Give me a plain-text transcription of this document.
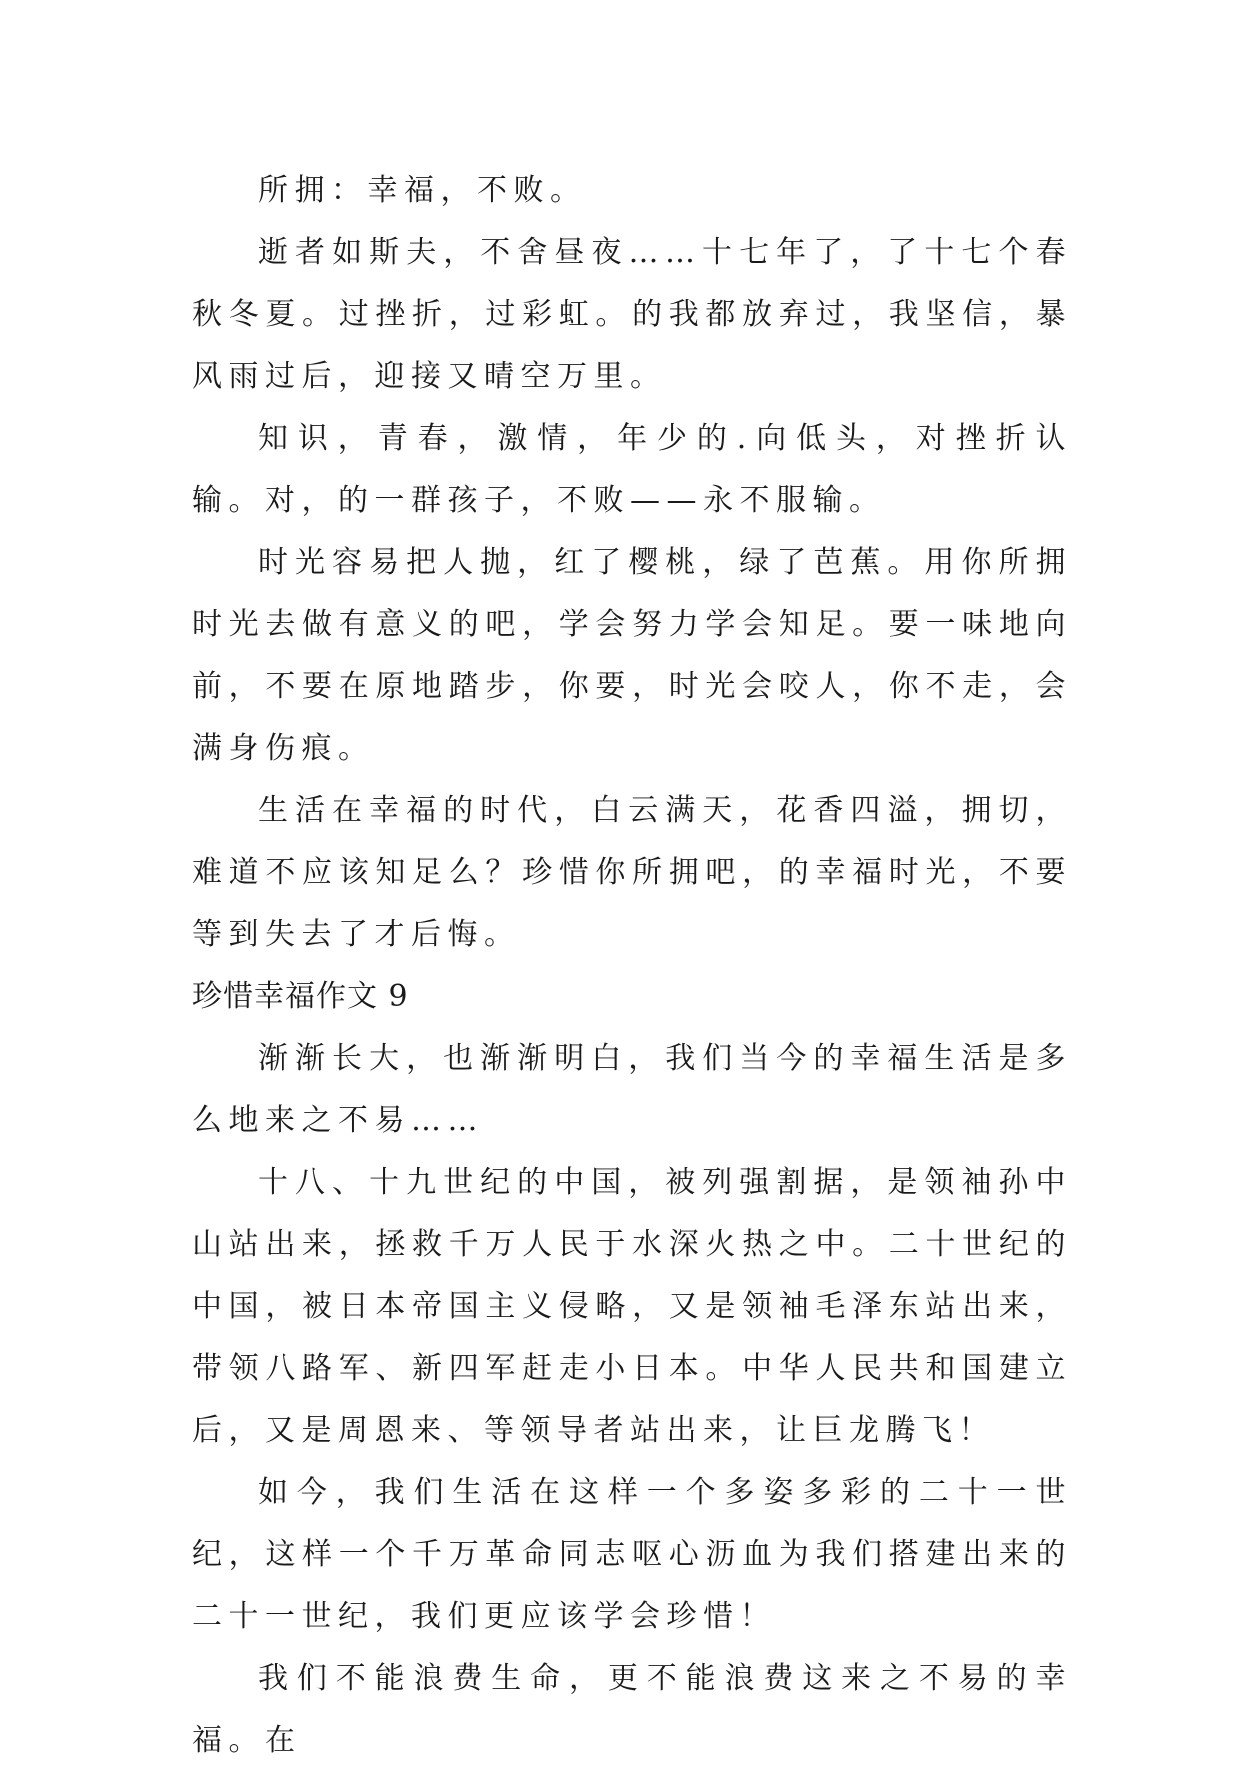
所拥：幸福，不败。

逝者如斯夫，不舍昼夜……十七年了，了十七个春秋冬夏。过挫折，过彩虹。的我都放弃过，我坚信，暴风雨过后，迎接又晴空万里。

知识，青春，激情，年少的.向低头，对挫折认输。对，的一群孩子，不败——永不服输。

时光容易把人抛，红了樱桃，绿了芭蕉。用你所拥时光去做有意义的吧，学会努力学会知足。要一味地向前，不要在原地踏步，你要，时光会咬人，你不走，会满身伤痕。

生活在幸福的时代，白云满天，花香四溢，拥切，难道不应该知足么？珍惜你所拥吧，的幸福时光，不要等到失去了才后悔。

珍惜幸福作文 9

渐渐长大，也渐渐明白，我们当今的幸福生活是多么地来之不易……

十八、十九世纪的中国，被列强割据，是领袖孙中山站出来，拯救千万人民于水深火热之中。二十世纪的中国，被日本帝国主义侵略，又是领袖毛泽东站出来，带领八路军、新四军赶走小日本。中华人民共和国建立后，又是周恩来、等领导者站出来，让巨龙腾飞！

如今，我们生活在这样一个多姿多彩的二十一世纪，这样一个千万革命同志呕心沥血为我们搭建出来的二十一世纪，我们更应该学会珍惜！

我们不能浪费生命，更不能浪费这来之不易的幸福。在
